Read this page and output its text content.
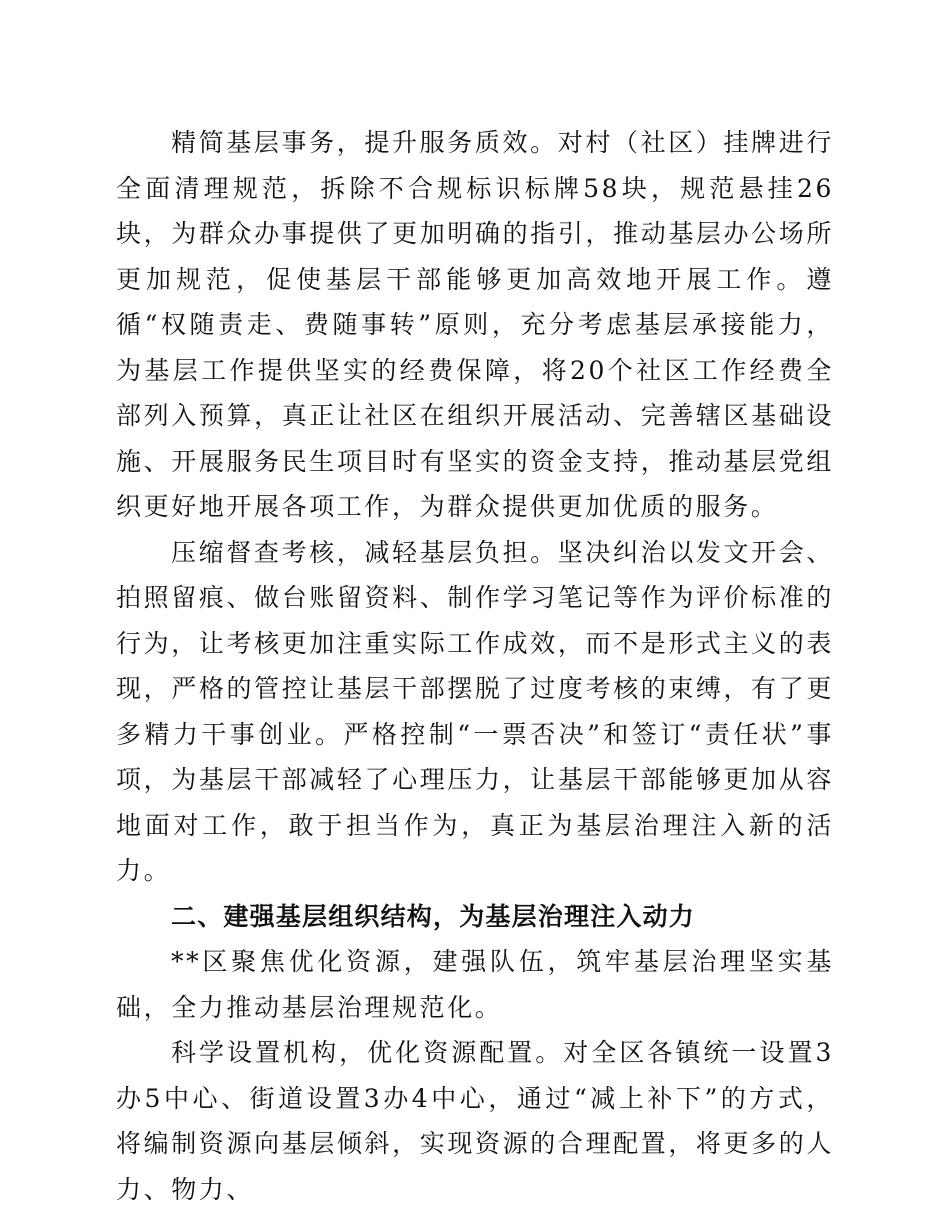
精简基层事务，提升服务质效。对村（社区）挂牌进行全面清理规范，拆除不合规标识标牌58块，规范悬挂26块，为群众办事提供了更加明确的指引，推动基层办公场所更加规范，促使基层干部能够更加高效地开展工作。遵循“权随责走、费随事转”原则，充分考虑基层承接能力，为基层工作提供坚实的经费保障，将20个社区工作经费全部列入预算，真正让社区在组织开展活动、完善辖区基础设施、开展服务民生项目时有坚实的资金支持，推动基层党组织更好地开展各项工作，为群众提供更加优质的服务。

压缩督查考核，减轻基层负担。坚决纠治以发文开会、拍照留痕、做台账留资料、制作学习笔记等作为评价标准的行为，让考核更加注重实际工作成效，而不是形式主义的表现，严格的管控让基层干部摆脱了过度考核的束缚，有了更多精力干事创业。严格控制“一票否决”和签订“责任状”事项，为基层干部减轻了心理压力，让基层干部能够更加从容地面对工作，敢于担当作为，真正为基层治理注入新的活力。

二、建强基层组织结构，为基层治理注入动力

**区聚焦优化资源，建强队伍，筑牢基层治理坚实基础，全力推动基层治理规范化。

科学设置机构，优化资源配置。对全区各镇统一设置3办5中心、街道设置3办4中心，通过“减上补下”的方式，将编制资源向基层倾斜，实现资源的合理配置，将更多的人力、物力、
